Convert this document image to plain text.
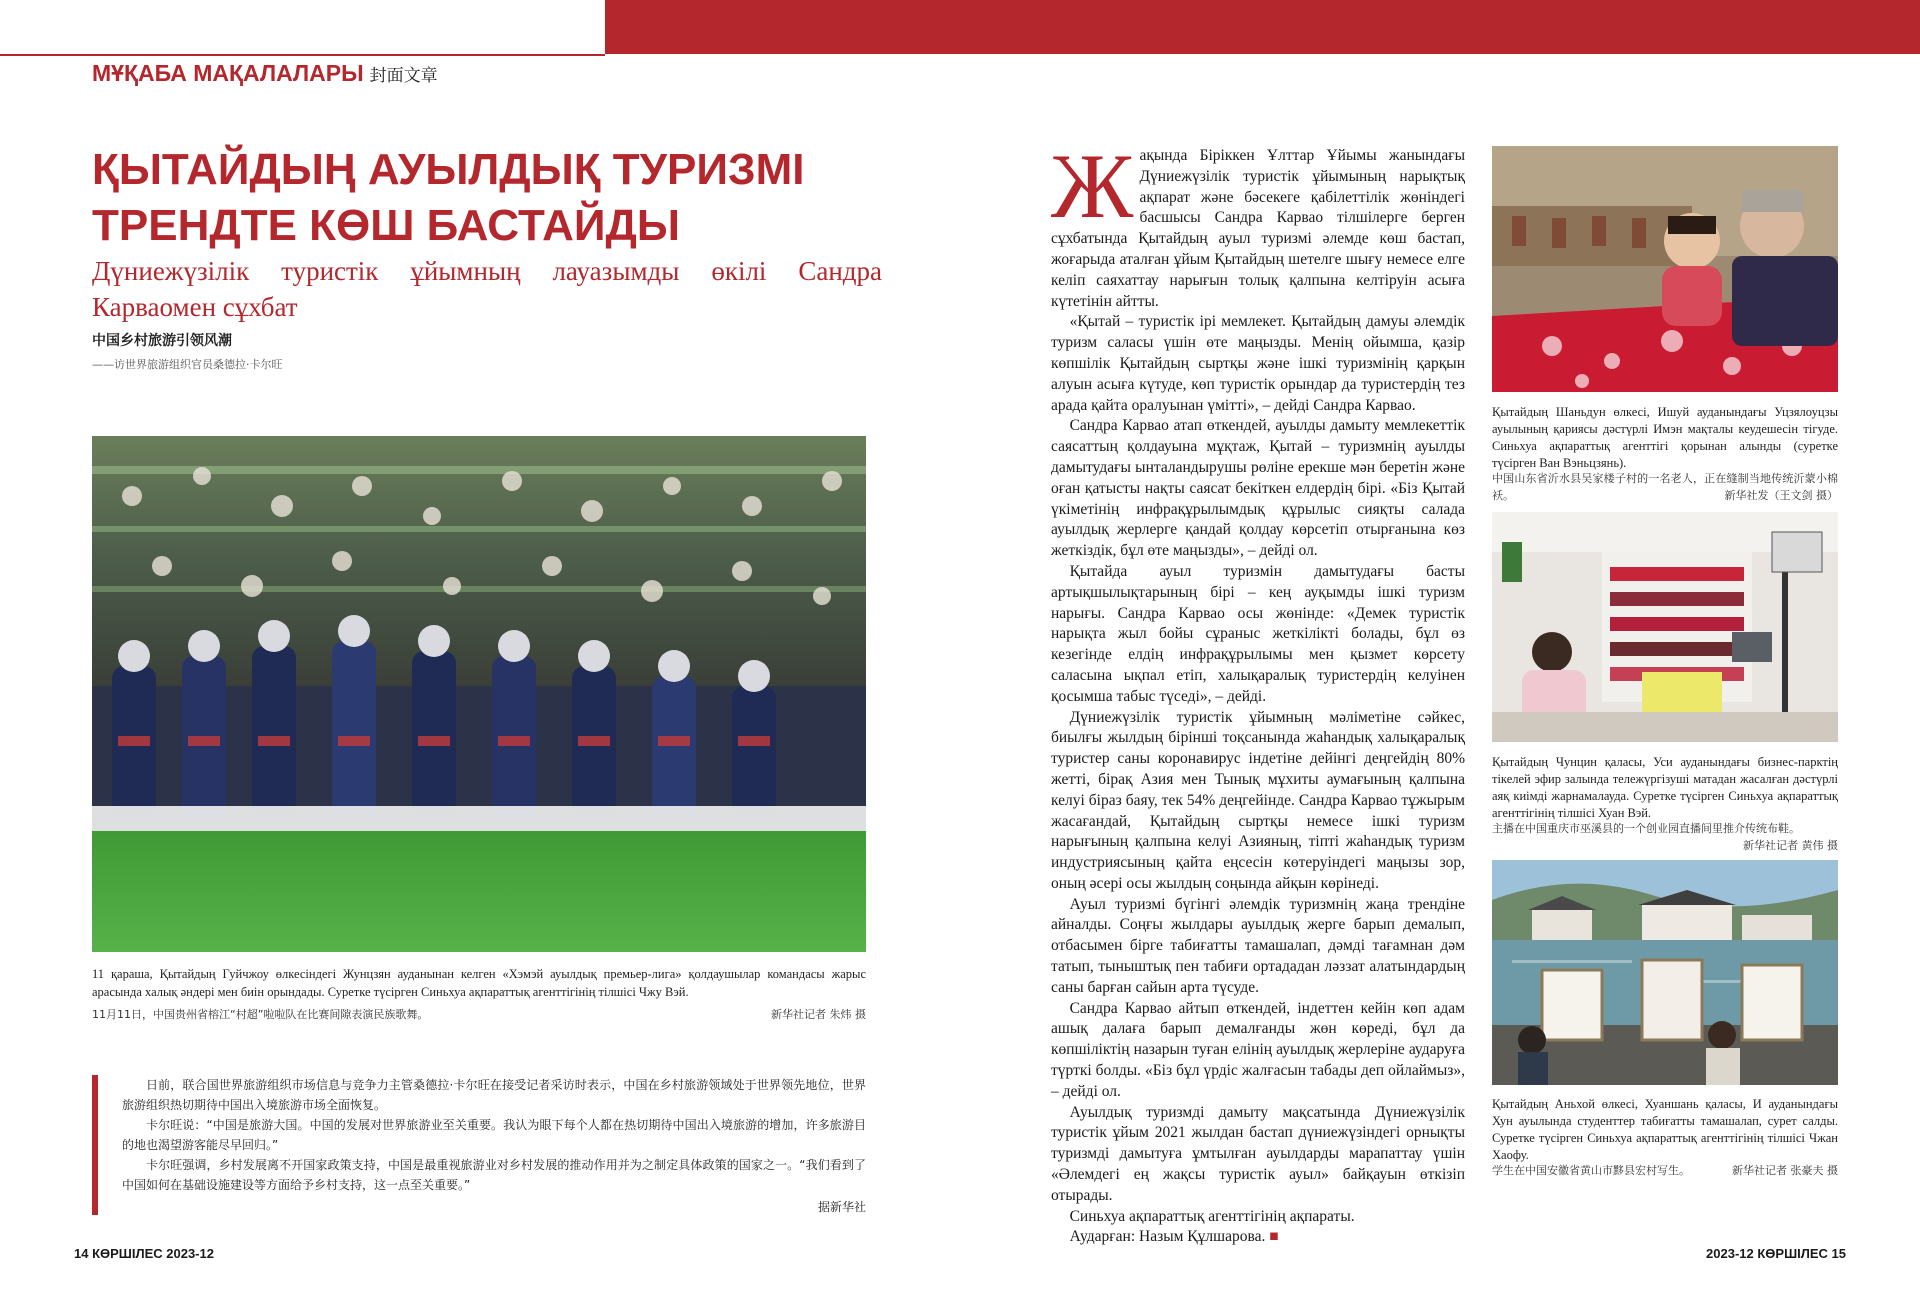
МҰҚАБА МАҚАЛАЛАРЫ 封面文章
ҚЫТАЙДЫҢ АУЫЛДЫҚ ТУРИЗМІ
ТРЕНДТЕ КӨШ БАСТАЙДЫ
Дүниежүзілік туристік ұйымның лауазымды өкілі Сандра Карваомен сұхбат
中国乡村旅游引领风潮
——访世界旅游组织官员桑德拉·卡尔旺
11 қараша, Қытайдың Гуйчжоу өлкесіндегі Жунцзян ауданынан келген «Хэмэй ауылдық премьер-лига» қолдаушылар командасы жарыс арасында халық әндері мен биін орындады. Суретке түсірген Синьхуа ақпараттық агенттігінің тілшісі Чжу Вэй.
11月11日，中国贵州省榕江“村超”啦啦队在比赛间隙表演民族歌舞。	新华社记者 朱炜 摄

日前，联合国世界旅游组织市场信息与竞争力主管桑德拉·卡尔旺在接受记者采访时表示，中国在乡村旅游领域处于世界领先地位，世界旅游组织热切期待中国出入境旅游市场全面恢复。

卡尔旺说：“中国是旅游大国。中国的发展对世界旅游业至关重要。我认为眼下每个人都在热切期待中国出入境旅游的增加，许多旅游目的地也渴望游客能尽早回归。”

卡尔旺强调，乡村发展离不开国家政策支持，中国是最重视旅游业对乡村发展的推动作用并为之制定具体政策的国家之一。“我们看到了中国如何在基础设施建设等方面给予乡村支持，这一点至关重要。”

据新华社
14 КӨРШІЛЕС 2023-12	2023-12 КӨРШІЛЕС 15

Жақында Біріккен Ұлттар Ұйымы жанындағы Дүниежүзілік туристік ұйымының нарықтық ақпарат және бәсекеге қабілеттілік жөніндегі басшысы Сандра Карвао тілшілерге берген сұхбатында Қытайдың ауыл туризмі әлемде көш бастап, жоғарыда аталған ұйым Қытайдың шетелге шығу немесе елге келіп саяхаттау нарығын толық қалпына келтіруін асыға күтетінін айтты.

«Қытай – туристік ірі мемлекет. Қытайдың дамуы әлемдік туризм саласы үшін өте маңызды. Менің ойымша, қазір көпшілік Қытайдың сыртқы және ішкі туризмінің қарқын алуын асыға күтуде, көп туристік орындар да туристердің тез арада қайта оралуынан үмітті», – дейді Сандра Карвао.

Сандра Карвао атап өткендей, ауылды дамыту мемлекеттік саясаттың қолдауына мұқтаж, Қытай – туризмнің ауылды дамытудағы ынталандырушы рөліне ерекше мән беретін және оған қатысты нақты саясат бекіткен елдердің бірі. «Біз Қытай үкіметінің инфрақұрылымдық құрылыс сияқты салада ауылдық жерлерге қандай қолдау көрсетіп отырғанына көз жеткіздік, бұл өте маңызды», – дейді ол.

Қытайда ауыл туризмін дамытудағы басты артықшылықтарының бірі – кең ауқымды ішкі туризм нарығы. Сандра Карвао осы жөнінде: «Демек туристік нарықта жыл бойы сұраныс жеткілікті болады, бұл өз кезегінде елдің инфрақұрылымы мен қызмет көрсету саласына ықпал етіп, халықаралық туристердің келуінен қосымша табыс түседі», – дейді.

Дүниежүзілік туристік ұйымның мәліметіне сәйкес, биылғы жылдың бірінші тоқсанында жаһандық халықаралық туристер саны коронавирус індетіне дейінгі деңгейдің 80% жетті, бірақ Азия мен Тынық мұхиты аумағының қалпына келуі біраз баяу, тек 54% деңгейінде. Сандра Карвао тұжырым жасағандай, Қытайдың сыртқы немесе ішкі туризм нарығының қалпына келуі Азияның, тіпті жаһандық туризм индустриясының қайта еңсесін көтеруіндегі маңызы зор, оның әсері осы жылдың соңында айқын көрінеді.

Ауыл туризмі бүгінгі әлемдік туризмнің жаңа трендіне айналды. Соңғы жылдары ауылдық жерге барып демалып, отбасымен бірге табиғатты тамашалап, дәмді тағамнан дәм татып, тыныштық пен табиғи ортададан ләззат алатындардың саны барған сайын арта түсуде.

Сандра Карвао айтып өткендей, індеттен кейін көп адам ашық далаға барып демалғанды жөн көреді, бұл да көпшіліктің назарын туған елінің ауылдық жерлеріне аударуға түрткі болды. «Біз бұл үрдіс жалғасын табады деп ойлаймыз», – дейді ол.

Ауылдық туризмді дамыту мақсатында Дүниежүзілік туристік ұйым 2021 жылдан бастап дүниежүзіндегі орнықты туризмді дамытуға ұмтылған ауылдарды марапаттау үшін «Әлемдегі ең жақсы туристік ауыл» байқауын өткізіп отырады.

Синьхуа ақпараттық агенттігінің ақпараты.

Аударған: Назым Құлшарова. ■

Қытайдың Шаньдун өлкесі, Ишуй ауданындағы Уцзялоуцзы ауылының қариясы дәстүрлі Имэн мақталы кеудешесін тігуде. Синьхуа ақпараттық агенттігі қорынан алынды (суретке түсірген Ван Вэньцзянь).
中国山东省沂水县吴家楼子村的一名老人，正在缝制当地传统沂蒙小棉袄。	新华社发（王文剑 摄）
Қытайдың Чунцин қаласы, Уси ауданындағы бизнес-парктің тікелей эфир залында тележүргізуші матадан жасалған дәстүрлі аяқ киімді жарнамалауда. Суретке түсірген Синьхуа ақпараттық агенттігінің тілшісі Хуан Вэй.
主播在中国重庆市巫溪县的一个创业园直播间里推介传统布鞋。
新华社记者 黄伟 摄
Қытайдың Аньхой өлкесі, Хуаншань қаласы, И ауданындағы Хун ауылында студенттер табиғатты тамашалап, сурет салды. Суретке түсірген Синьхуа ақпараттық агенттігінің тілшісі Чжан Хаофу.
学生在中国安徽省黄山市黟县宏村写生。	新华社记者 张豪夫 摄
